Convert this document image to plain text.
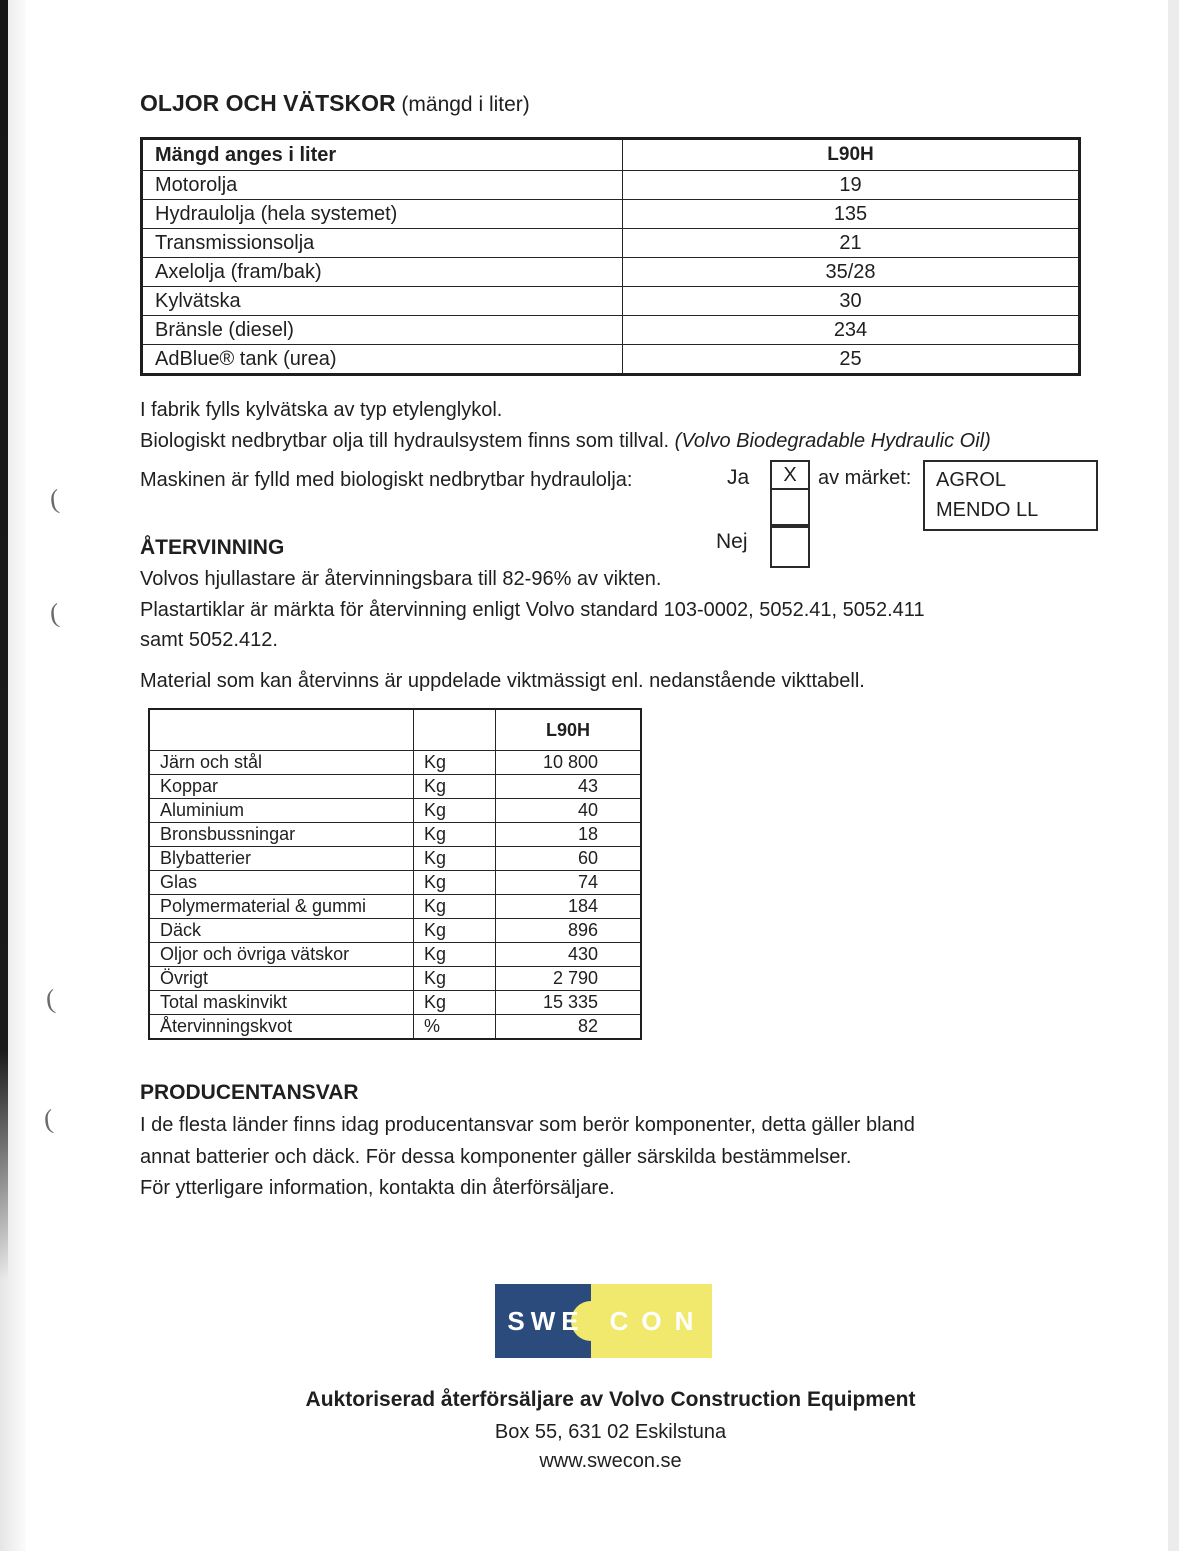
(
(
(
(
OLJOR OCH VÄTSKOR (mängd i liter)
Mängd anges i liter	L90H
Motorolja	19
Hydraulolja (hela systemet)	135
Transmissionsolja	21
Axelolja (fram/bak)	35/28
Kylvätska	30
Bränsle (diesel)	234
AdBlue® tank (urea)	25
I fabrik fylls kylvätska av typ etylenglykol.
Biologiskt nedbrytbar olja till hydraulsystem finns som tillval. (Volvo Biodegradable Hydraulic Oil)
Maskinen är fylld med biologiskt nedbrytbar hydraulolja:	Ja	X	av märket: AGROL
MENDO LL
Nej
ÅTERVINNING
Volvos hjullastare är återvinningsbara till 82-96% av vikten.
Plastartiklar är märkta för återvinning enligt Volvo standard 103-0002, 5052.41, 5052.411
samt 5052.412.
Material som kan återvinns är uppdelade viktmässigt enl. nedanstående vikttabell.
		L90H
Järn och stål	Kg	10 800
Koppar	Kg	43
Aluminium	Kg	40
Bronsbussningar	Kg	18
Blybatterier	Kg	60
Glas	Kg	74
Polymermaterial & gummi	Kg	184
Däck	Kg	896
Oljor och övriga vätskor	Kg	430
Övrigt	Kg	2 790
Total maskinvikt	Kg	15 335
Återvinningskvot	%	82
PRODUCENTANSVAR
I de flesta länder finns idag producentansvar som berör komponenter, detta gäller bland
annat batterier och däck. För dessa komponenter gäller särskilda bestämmelser.
För ytterligare information, kontakta din återförsäljare.
SWE CON
Auktoriserad återförsäljare av Volvo Construction Equipment
Box 55, 631 02 Eskilstuna
www.swecon.se
